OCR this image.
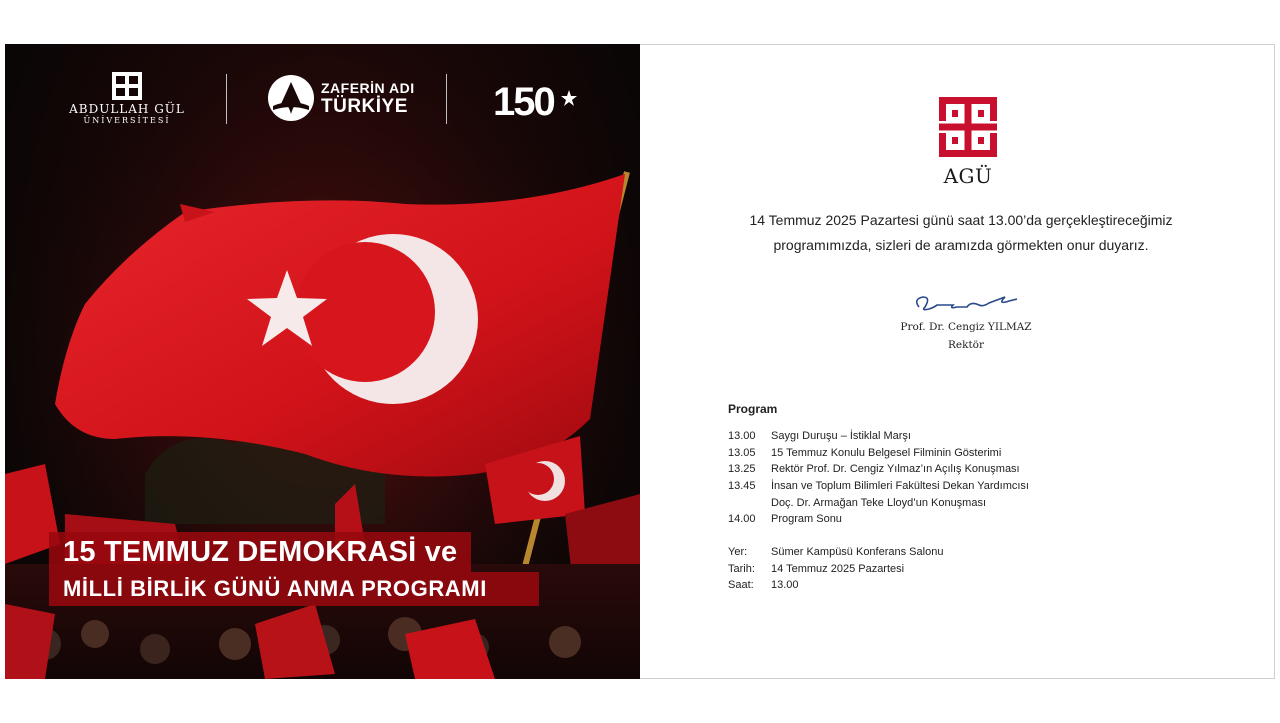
ABDULLAH GÜL
ÜNİVERSİTESİ
ZAFERİN ADI
TÜRKİYE 150
15 TEMMUZ DEMOKRASİ ve
MİLLİ BİRLİK GÜNÜ ANMA PROGRAMI
AGÜ
14 Temmuz 2025 Pazartesi günü saat 13.00’da gerçekleştireceğimiz
programımızda, sizleri de aramızda görmekten onur duyarız.
Prof. Dr. Cengiz YILMAZ
Rektör
Program
13.00 Saygı Duruşu – İstiklal Marşı
13.05 15 Temmuz Konulu Belgesel Filminin Gösterimi
13.25 Rektör Prof. Dr. Cengiz Yılmaz’ın Açılış Konuşması
13.45 İnsan ve Toplum Bilimleri Fakültesi Dekan Yardımcısı
Doç. Dr. Armağan Teke Lloyd’un Konuşması
14.00 Program Sonu
Yer: Sümer Kampüsü Konferans Salonu
Tarih: 14 Temmuz 2025 Pazartesi
Saat: 13.00
